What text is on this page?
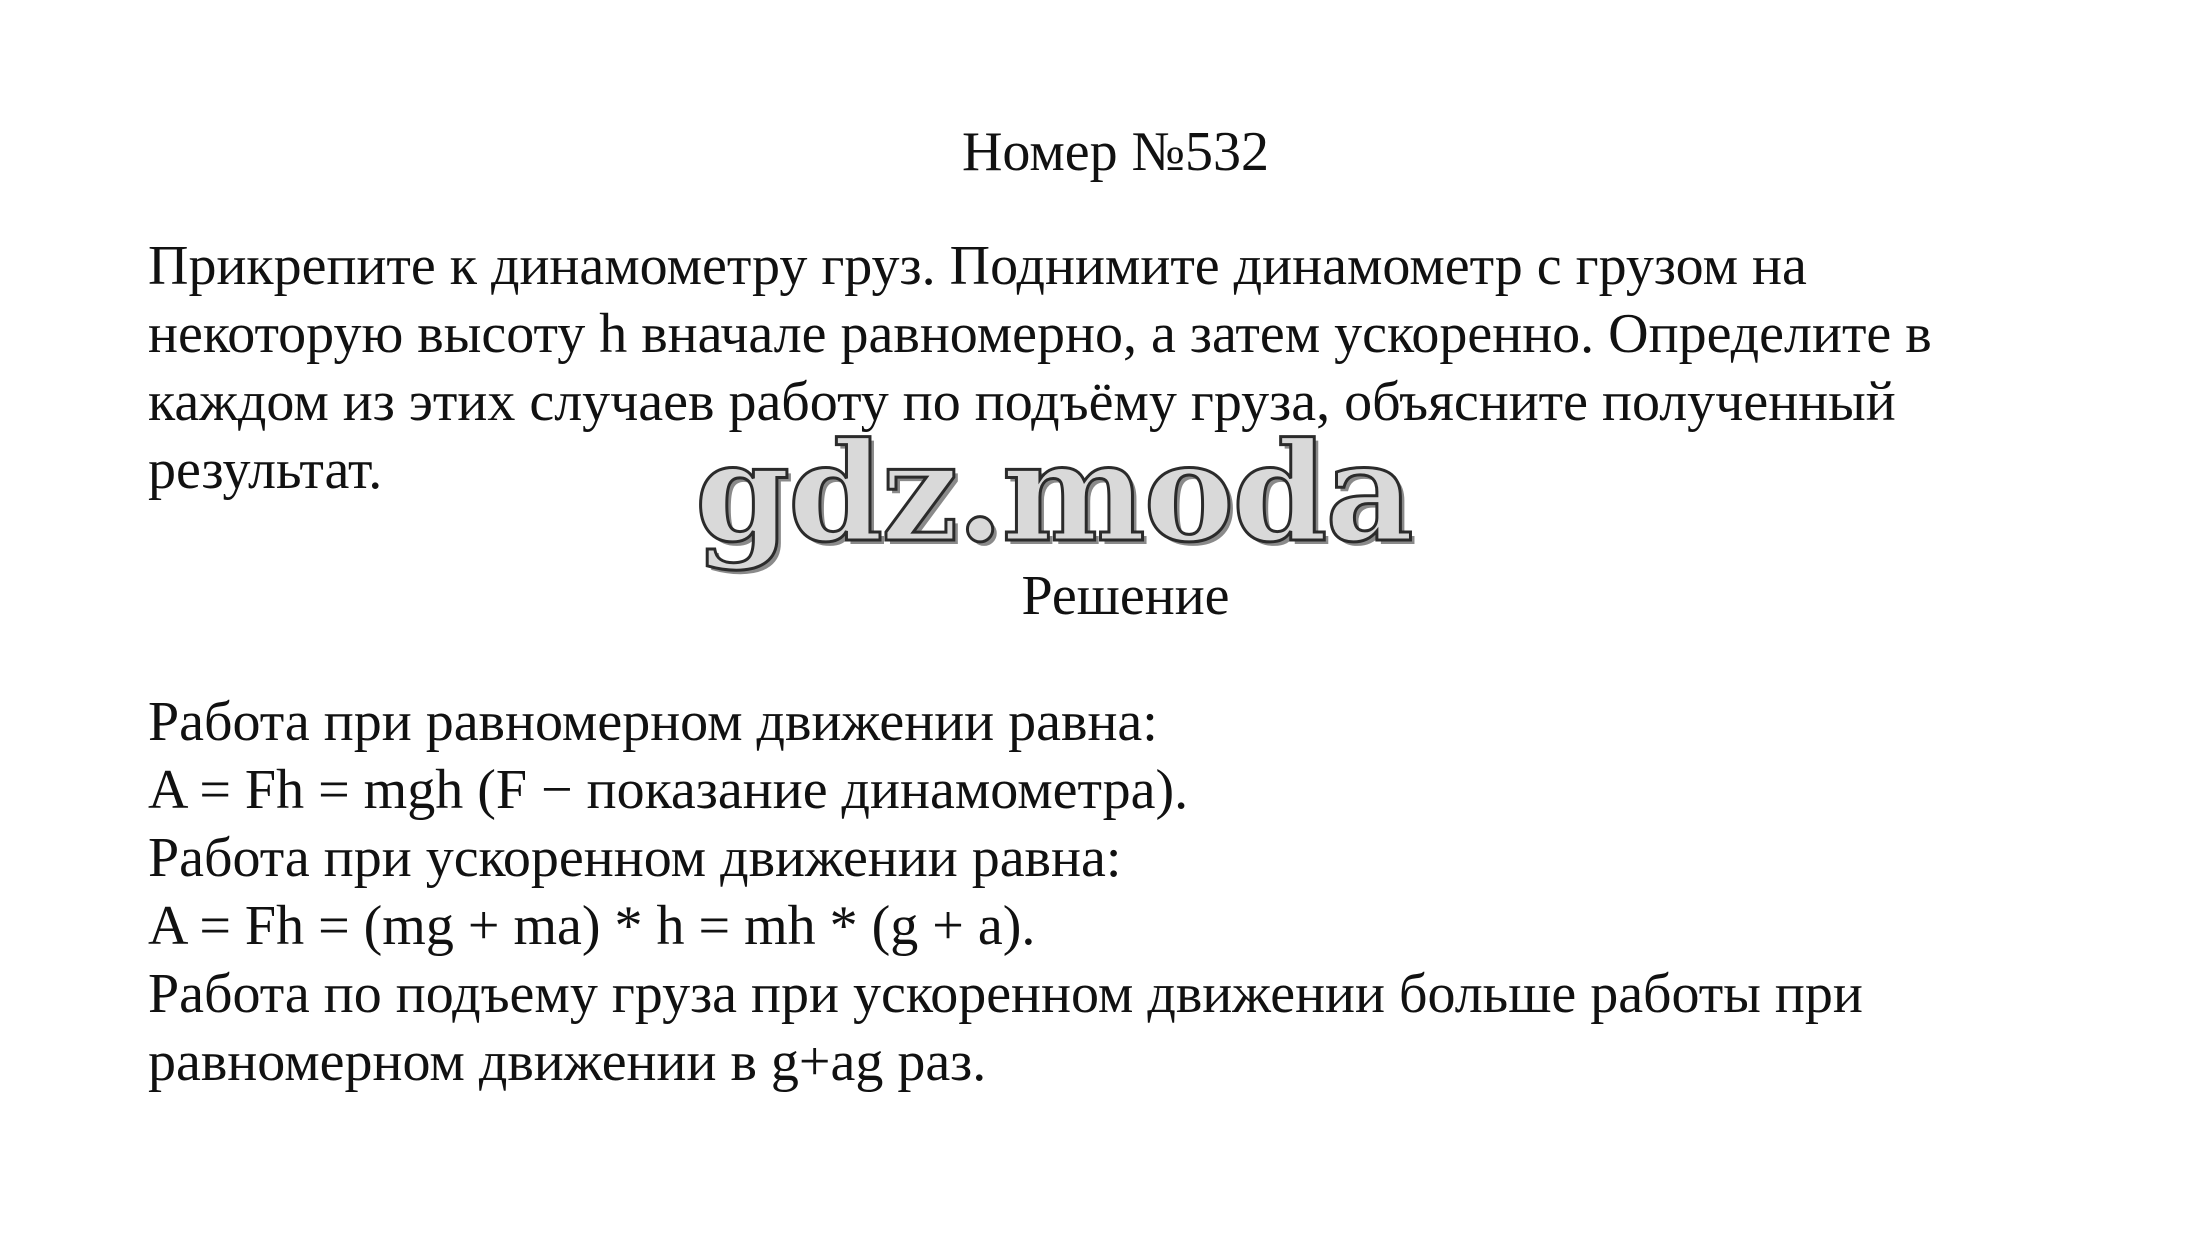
Номер №532
Прикрепите к динамометру груз. Поднимите динамометр с грузом на
некоторую высоту h вначале равномерно, а затем ускоренно. Определите в
каждом из этих случаев работу по подъёму груза, объясните полученный
результат.	gdz.moda
Решение
Работа при равномерном движении равна:
A = Fh = mgh (F − показание динамометра).
Работа при ускоренном движении равна:
A = Fh = (mg + ma) * h = mh * (g + a).
Работа по подъему груза при ускоренном движении больше работы при
равномерном движении в g+ag раз.
